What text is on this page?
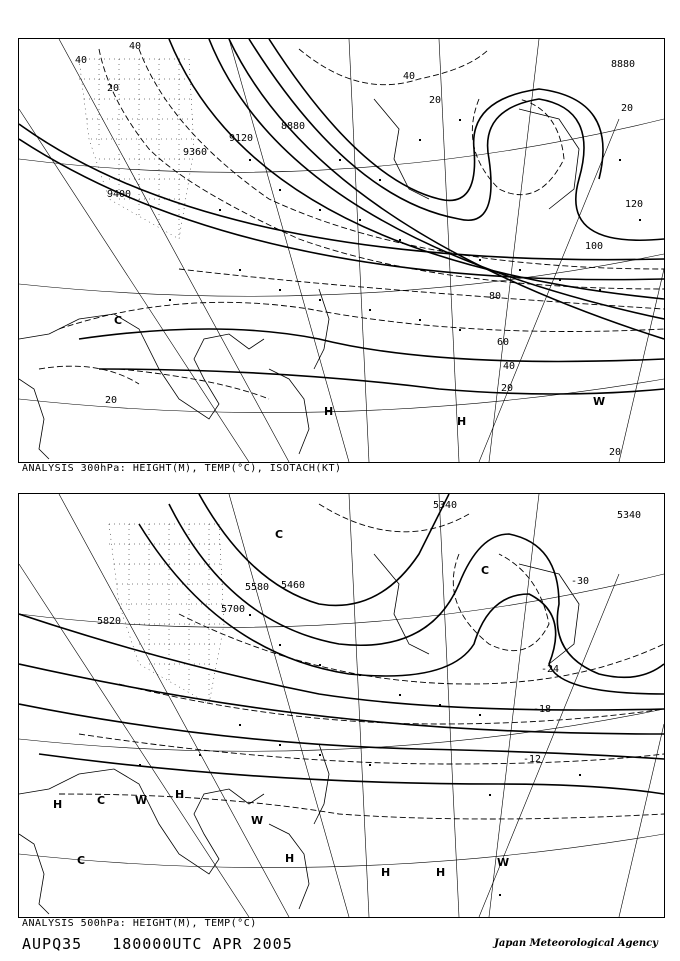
8880
8880
9360
9400
9120
40
40
20
20
40
20
120
100
80
60
40
20
20
20
C
H
H
W
ANALYSIS 300hPa: HEIGHT(M), TEMP(°C), ISOTACH(KT)
5340
5580 5460
5700
5820
5340
-30
-24
-18
-12
C
C
C
C
W
W
W
H
H
H
H	H
ANALYSIS 500hPa: HEIGHT(M), TEMP(°C)
AUPQ35 180000UTC APR 2005	Japan Meteorological Agency
